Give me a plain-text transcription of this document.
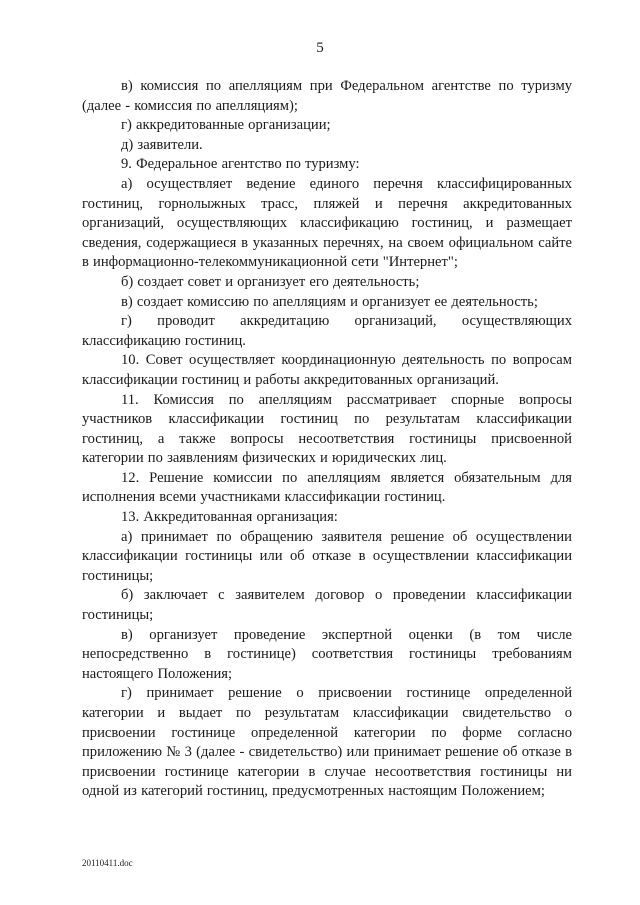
5

в) комиссия по апелляциям при Федеральном агентстве по туризму (далее - комиссия по апелляциям);

г) аккредитованные организации;

д) заявители.

9. Федеральное агентство по туризму:

а) осуществляет ведение единого перечня классифицированных гостиниц, горнолыжных трасс, пляжей и перечня аккредитованных организаций, осуществляющих классификацию гостиниц, и размещает сведения, содержащиеся в указанных перечнях, на своем официальном сайте в информационно-телекоммуникационной сети "Интернет";

б) создает совет и организует его деятельность;

в) создает комиссию по апелляциям и организует ее деятельность;

г) проводит аккредитацию организаций, осуществляющих классификацию гостиниц.

10. Совет осуществляет координационную деятельность по вопросам классификации гостиниц и работы аккредитованных организаций.

11. Комиссия по апелляциям рассматривает спорные вопросы участников классификации гостиниц по результатам классификации гостиниц, а также вопросы несоответствия гостиницы присвоенной категории по заявлениям физических и юридических лиц.

12. Решение комиссии по апелляциям является обязательным для исполнения всеми участниками классификации гостиниц.

13. Аккредитованная организация:

а) принимает по обращению заявителя решение об осуществлении классификации гостиницы или об отказе в осуществлении классификации гостиницы;

б) заключает с заявителем договор о проведении классификации гостиницы;

в) организует проведение экспертной оценки (в том числе непосредственно в гостинице) соответствия гостиницы требованиям настоящего Положения;

г) принимает решение о присвоении гостинице определенной категории и выдает по результатам классификации свидетельство о присвоении гостинице определенной категории по форме согласно приложению № 3 (далее - свидетельство) или принимает решение об отказе в присвоении гостинице категории в случае несоответствия гостиницы ни одной из категорий гостиниц, предусмотренных настоящим Положением;

20110411.doc
